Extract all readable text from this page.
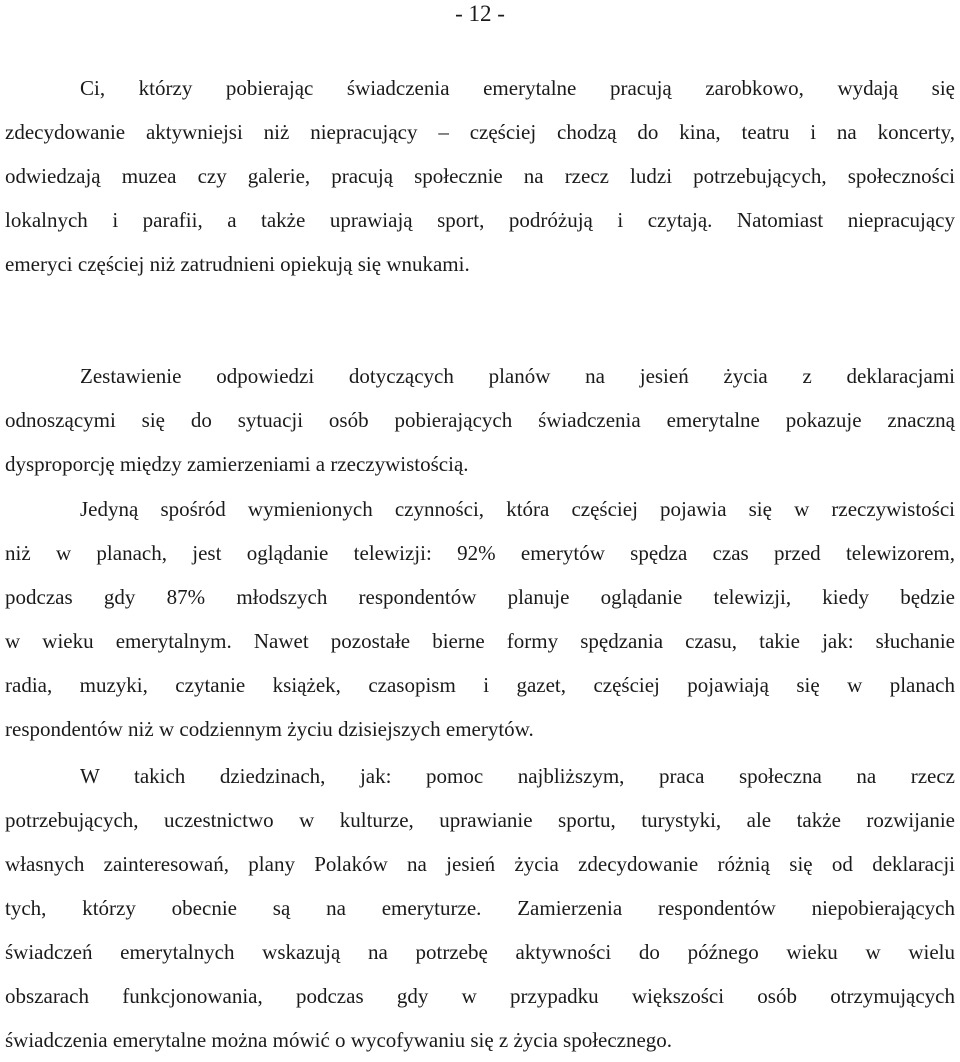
- 12 -
Ci, którzy pobierając świadczenia emerytalne pracują zarobkowo, wydają się
zdecydowanie aktywniejsi niż niepracujący – częściej chodzą do kina, teatru i na koncerty,
odwiedzają muzea czy galerie, pracują społecznie na rzecz ludzi potrzebujących, społeczności
lokalnych i parafii, a także uprawiają sport, podróżują i czytają. Natomiast niepracujący
emeryci częściej niż zatrudnieni opiekują się wnukami.
Zestawienie odpowiedzi dotyczących planów na jesień życia z deklaracjami
odnoszącymi się do sytuacji osób pobierających świadczenia emerytalne pokazuje znaczną
dysproporcję między zamierzeniami a rzeczywistością.
Jedyną spośród wymienionych czynności, która częściej pojawia się w rzeczywistości
niż w planach, jest oglądanie telewizji: 92% emerytów spędza czas przed telewizorem,
podczas gdy 87% młodszych respondentów planuje oglądanie telewizji, kiedy będzie
w wieku emerytalnym. Nawet pozostałe bierne formy spędzania czasu, takie jak: słuchanie
radia, muzyki, czytanie książek, czasopism i gazet, częściej pojawiają się w planach
respondentów niż w codziennym życiu dzisiejszych emerytów.
W takich dziedzinach, jak: pomoc najbliższym, praca społeczna na rzecz
potrzebujących, uczestnictwo w kulturze, uprawianie sportu, turystyki, ale także rozwijanie
własnych zainteresowań, plany Polaków na jesień życia zdecydowanie różnią się od deklaracji
tych, którzy obecnie są na emeryturze. Zamierzenia respondentów niepobierających
świadczeń emerytalnych wskazują na potrzebę aktywności do późnego wieku w wielu
obszarach funkcjonowania, podczas gdy w przypadku większości osób otrzymujących
świadczenia emerytalne można mówić o wycofywaniu się z życia społecznego.
